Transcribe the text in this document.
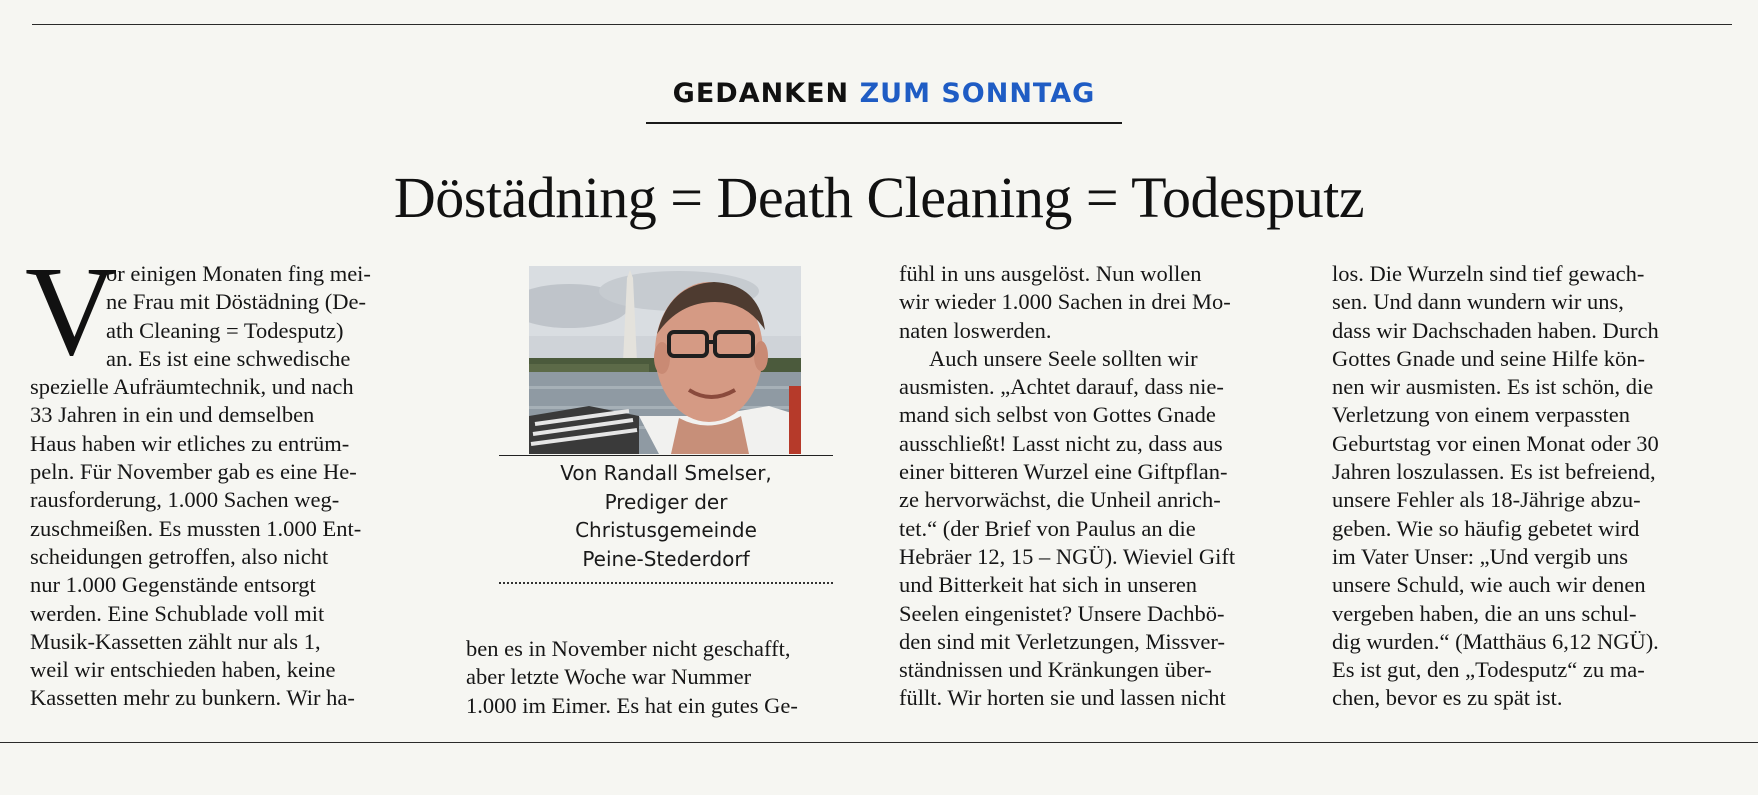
GEDANKEN ZUM SONNTAG
Döstädning = Death Cleaning = Todesputz
V
or einigen Monaten fing mei-
ne Frau mit Döstädning (De-
ath Cleaning = Todesputz)
an. Es ist eine schwedische
spezielle Aufräumtechnik, und nach
33 Jahren in ein und demselben
Haus haben wir etliches zu entrüm-
peln. Für November gab es eine He-
rausforderung, 1.000 Sachen weg-
zuschmeißen. Es mussten 1.000 Ent-
scheidungen getroffen, also nicht
nur 1.000 Gegenstände entsorgt
werden. Eine Schublade voll mit
Musik-Kassetten zählt nur als 1,
weil wir entschieden haben, keine
Kassetten mehr zu bunkern. Wir ha-
Von Randall Smelser,
Prediger der
Christusgemeinde
Peine-Stederdorf
ben es in November nicht geschafft,
aber letzte Woche war Nummer
1.000 im Eimer. Es hat ein gutes Ge-
fühl in uns ausgelöst. Nun wollen
wir wieder 1.000 Sachen in drei Mo-
naten loswerden.
Auch unsere Seele sollten wir
ausmisten. „Achtet darauf, dass nie-
mand sich selbst von Gottes Gnade
ausschließt! Lasst nicht zu, dass aus
einer bitteren Wurzel eine Giftpflan-
ze hervorwächst, die Unheil anrich-
tet.“ (der Brief von Paulus an die
Hebräer 12, 15 – NGÜ). Wieviel Gift
und Bitterkeit hat sich in unseren
Seelen eingenistet? Unsere Dachbö-
den sind mit Verletzungen, Missver-
ständnissen und Kränkungen über-
füllt. Wir horten sie und lassen nicht
los. Die Wurzeln sind tief gewach-
sen. Und dann wundern wir uns,
dass wir Dachschaden haben. Durch
Gottes Gnade und seine Hilfe kön-
nen wir ausmisten. Es ist schön, die
Verletzung von einem verpassten
Geburtstag vor einen Monat oder 30
Jahren loszulassen. Es ist befreiend,
unsere Fehler als 18-Jährige abzu-
geben. Wie so häufig gebetet wird
im Vater Unser: „Und vergib uns
unsere Schuld, wie auch wir denen
vergeben haben, die an uns schul-
dig wurden.“ (Matthäus 6,12 NGÜ).
Es ist gut, den „Todesputz“ zu ma-
chen, bevor es zu spät ist.
